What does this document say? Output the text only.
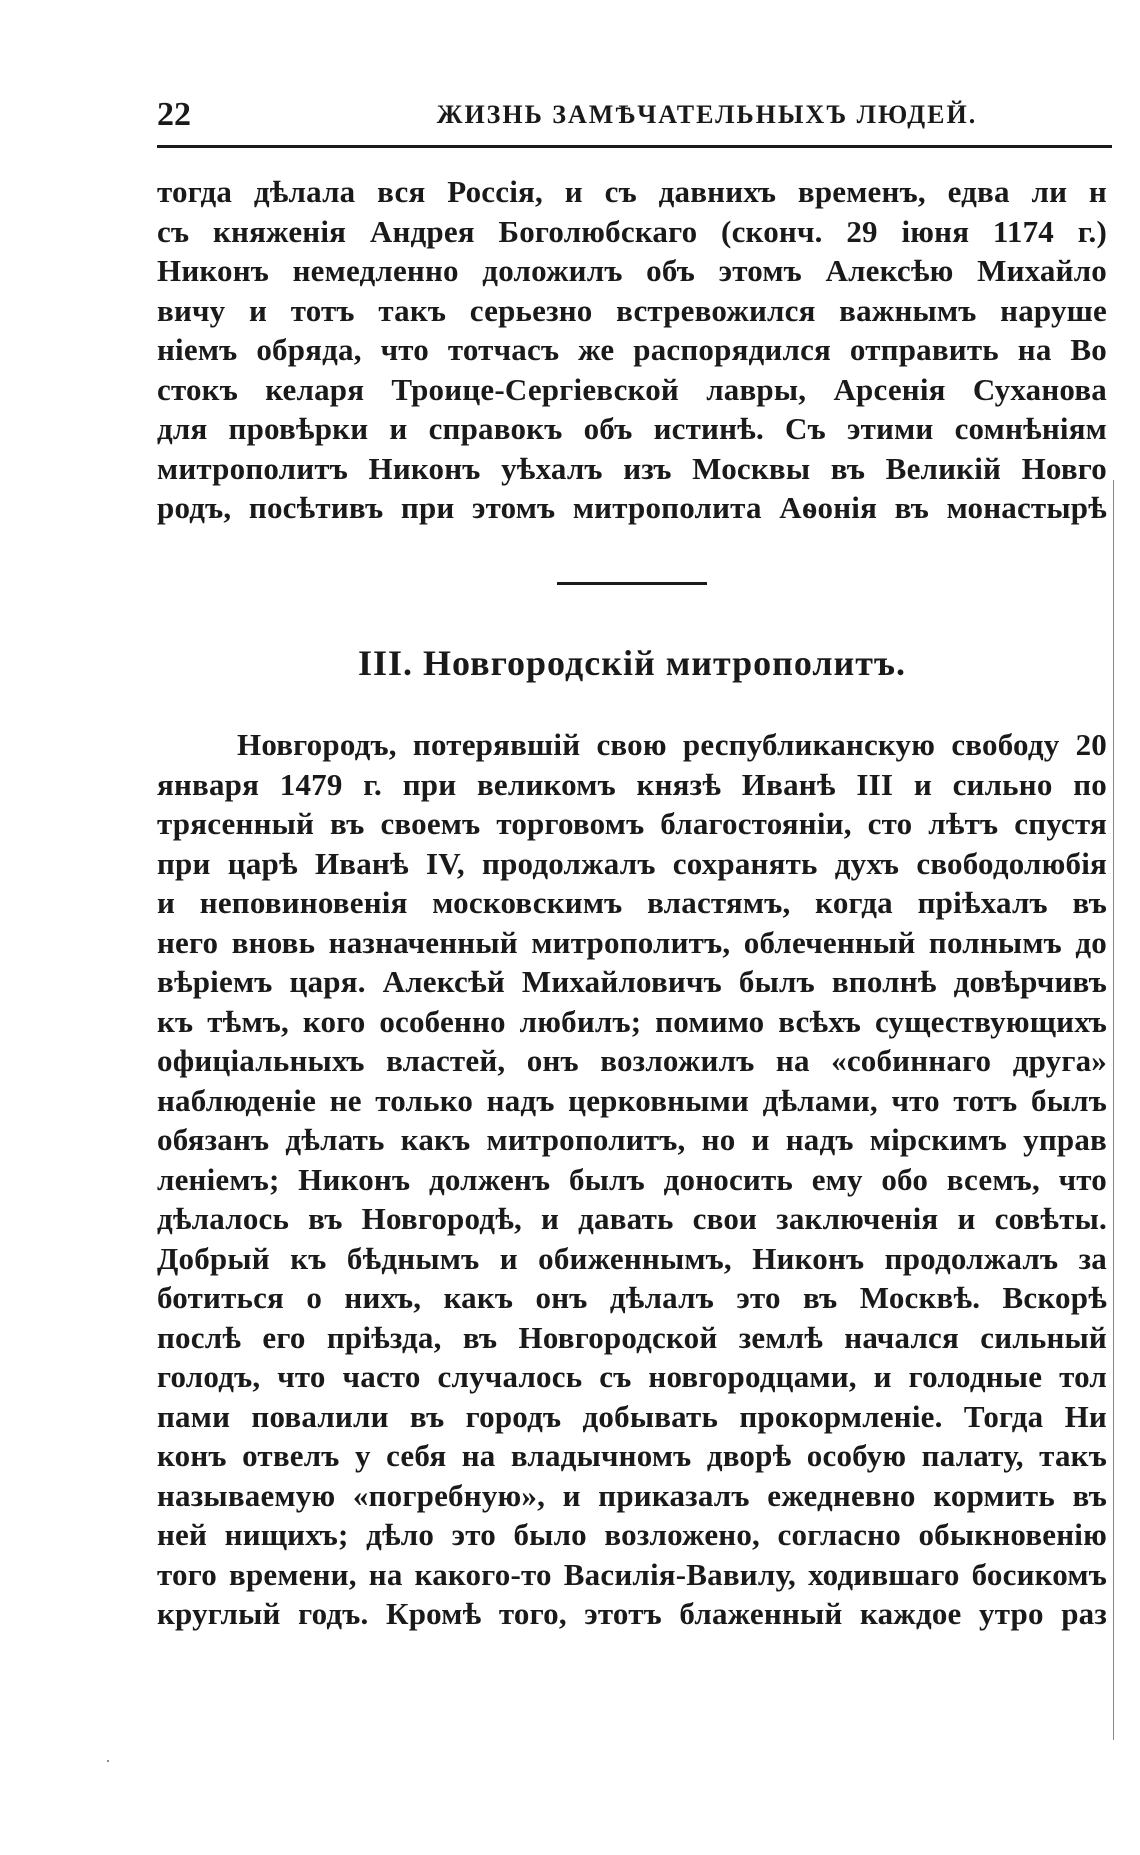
22	ЖИЗНЬ ЗАМѢЧАТЕЛЬНЫХЪ ЛЮДЕЙ.
тогда дѣлала вся Россія, и съ давнихъ временъ, едва ли н
съ княженія Андрея Боголюбскаго (сконч. 29 іюня 1174 г.)
Никонъ немедленно доложилъ объ этомъ Алексѣю Михайло
вичу и тотъ такъ серьезно встревожился важнымъ наруше
ніемъ обряда, что тотчасъ же распорядился отправить на Во
стокъ келаря Троице-Сергіевской лавры, Арсенія Суханова
для провѣрки и справокъ объ истинѣ. Съ этими сомнѣніям
митрополитъ Никонъ уѣхалъ изъ Москвы въ Великій Новго
родъ, посѣтивъ при этомъ митрополита Аѳонія въ монастырѣ
III. Новгородскій митрополитъ.
Новгородъ, потерявшій свою республиканскую свободу 20
января 1479 г. при великомъ князѣ Иванѣ III и сильно по
трясенный въ своемъ торговомъ благостояніи, сто лѣтъ спустя
при царѣ Иванѣ IV, продолжалъ сохранять духъ свободолюбія
и неповиновенія московскимъ властямъ, когда пріѣхалъ въ
него вновь назначенный митрополитъ, облеченный полнымъ до
вѣріемъ царя. Алексѣй Михайловичъ былъ вполнѣ довѣрчивъ
къ тѣмъ, кого особенно любилъ; помимо всѣхъ существующихъ
офиціальныхъ властей, онъ возложилъ на «собиннаго друга»
наблюденіе не только надъ церковными дѣлами, что тотъ былъ
обязанъ дѣлать какъ митрополитъ, но и надъ мірскимъ управ
леніемъ; Никонъ долженъ былъ доносить ему обо всемъ, что
дѣлалось въ Новгородѣ, и давать свои заключенія и совѣты.
Добрый къ бѣднымъ и обиженнымъ, Никонъ продолжалъ за
ботиться о нихъ, какъ онъ дѣлалъ это въ Москвѣ. Вскорѣ
послѣ его пріѣзда, въ Новгородской землѣ начался сильный
голодъ, что часто случалось съ новгородцами, и голодные тол
пами повалили въ городъ добывать прокормленіе. Тогда Ни
конъ отвелъ у себя на владычномъ дворѣ особую палату, такъ
называемую «погребную», и приказалъ ежедневно кормить въ
ней нищихъ; дѣло это было возложено, согласно обыкновенію
того времени, на какого-то Василія-Вавилу, ходившаго босикомъ
круглый годъ. Кромѣ того, этотъ блаженный каждое утро раз
